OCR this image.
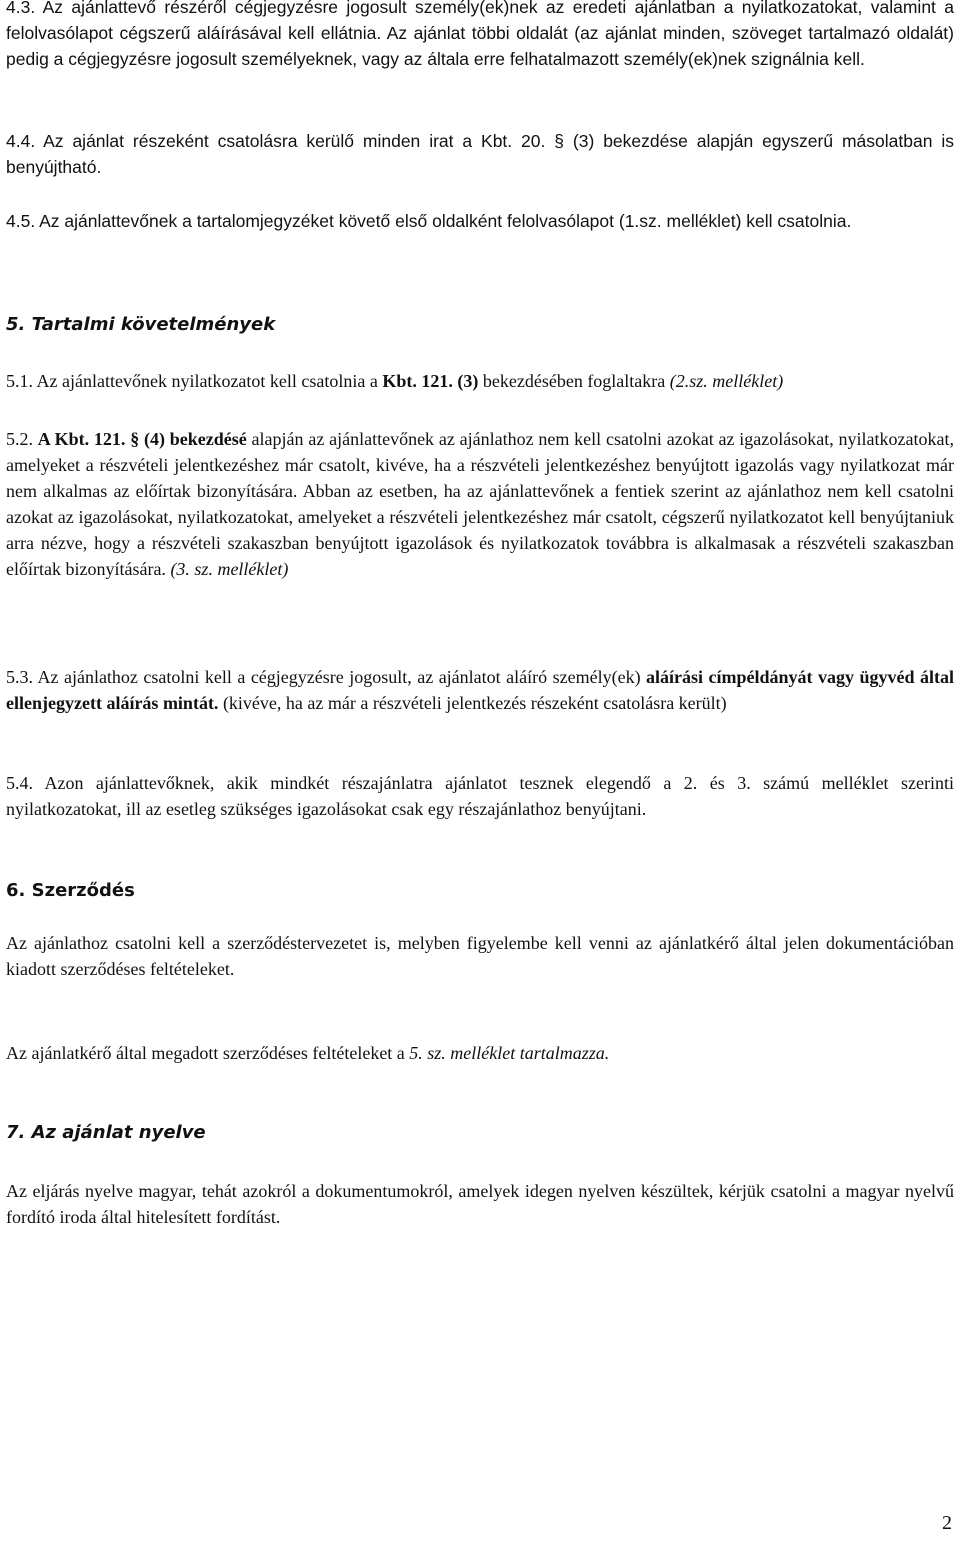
4.3. Az ajánlattevő részéről cégjegyzésre jogosult személy(ek)nek az eredeti ajánlatban a nyilatkozatokat, valamint a felolvasólapot cégszerű aláírásával kell ellátnia. Az ajánlat többi oldalát (az ajánlat minden, szöveget tartalmazó oldalát) pedig a cégjegyzésre jogosult személyeknek, vagy az általa erre felhatalmazott személy(ek)nek szignálnia kell.

4.4. Az ajánlat részeként csatolásra kerülő minden irat a Kbt. 20. § (3) bekezdése alapján egyszerű másolatban is benyújtható.

4.5. Az ajánlattevőnek a tartalomjegyzéket követő első oldalként felolvasólapot (1.sz. melléklet) kell csatolnia.

5. Tartalmi követelmények

5.1. Az ajánlattevőnek nyilatkozatot kell csatolnia a Kbt. 121. (3) bekezdésében foglaltakra (2.sz. melléklet)

5.2. A Kbt. 121. § (4) bekezdésé alapján az ajánlattevőnek az ajánlathoz nem kell csatolni azokat az igazolásokat, nyilatkozatokat, amelyeket a részvételi jelentkezéshez már csatolt, kivéve, ha a részvételi jelentkezéshez benyújtott igazolás vagy nyilatkozat már nem alkalmas az előírtak bizonyítására. Abban az esetben, ha az ajánlattevőnek a fentiek szerint az ajánlathoz nem kell csatolni azokat az igazolásokat, nyilatkozatokat, amelyeket a részvételi jelentkezéshez már csatolt, cégszerű nyilatkozatot kell benyújtaniuk arra nézve, hogy a részvételi szakaszban benyújtott igazolások és nyilatkozatok továbbra is alkalmasak a részvételi szakaszban előírtak bizonyítására. (3. sz. melléklet)

5.3. Az ajánlathoz csatolni kell a cégjegyzésre jogosult, az ajánlatot aláíró személy(ek) aláírási címpéldányát vagy ügyvéd által ellenjegyzett aláírás mintát. (kivéve, ha az már a részvételi jelentkezés részeként csatolásra került)

5.4. Azon ajánlattevőknek, akik mindkét részajánlatra ajánlatot tesznek elegendő a 2. és 3. számú melléklet szerinti nyilatkozatokat, ill az esetleg szükséges igazolásokat csak egy részajánlathoz benyújtani.

6. Szerződés

Az ajánlathoz csatolni kell a szerződéstervezetet is, melyben figyelembe kell venni az ajánlatkérő által jelen dokumentációban kiadott szerződéses feltételeket.

Az ajánlatkérő által megadott szerződéses feltételeket a 5. sz. melléklet tartalmazza.

7. Az ajánlat nyelve

Az eljárás nyelve magyar, tehát azokról a dokumentumokról, amelyek idegen nyelven készültek, kérjük csatolni a magyar nyelvű fordító iroda által hitelesített fordítást.

2
